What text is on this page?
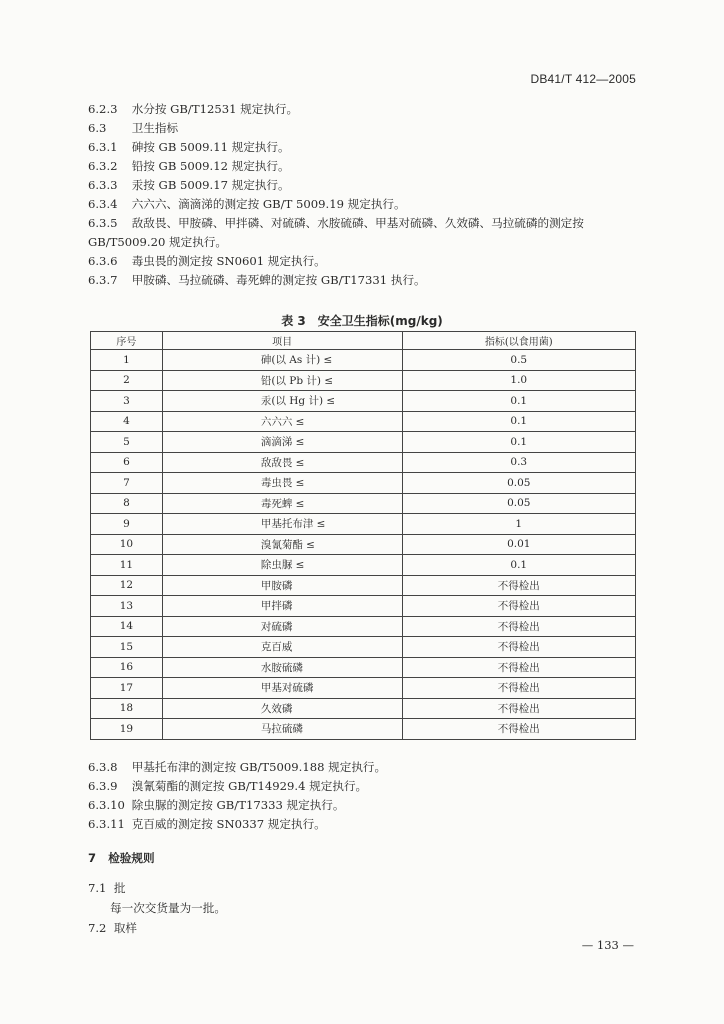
DB41/T 412—2005
6.2.3 水分按 GB/T12531 规定执行。
6.3 卫生指标
6.3.1 砷按 GB 5009.11 规定执行。
6.3.2 铅按 GB 5009.12 规定执行。
6.3.3 汞按 GB 5009.17 规定执行。
6.3.4 六六六、滴滴涕的测定按 GB/T 5009.19 规定执行。
6.3.5 敌敌畏、甲胺磷、甲拌磷、对硫磷、水胺硫磷、甲基对硫磷、久效磷、马拉硫磷的测定按 GB/T5009.20 规定执行。
6.3.6 毒虫畏的测定按 SN0601 规定执行。
6.3.7 甲胺磷、马拉硫磷、毒死蜱的测定按 GB/T17331 执行。
表 3　安全卫生指标(mg/kg)
序号	项目	指标(以食用菌)
1	砷(以 As 计) ≤	0.5
2	铅(以 Pb 计) ≤	1.0
3	汞(以 Hg 计) ≤	0.1
4	六六六 ≤	0.1
5	滴滴涕 ≤	0.1
6	敌敌畏 ≤	0.3
7	毒虫畏 ≤	0.05
8	毒死蜱 ≤	0.05
9	甲基托布津 ≤	1
10	溴氰菊酯 ≤	0.01
11	除虫脲 ≤	0.1
12	甲胺磷	不得检出
13	甲拌磷	不得检出
14	对硫磷	不得检出
15	克百威	不得检出
16	水胺硫磷	不得检出
17	甲基对硫磷	不得检出
18	久效磷	不得检出
19	马拉硫磷	不得检出
6.3.8 甲基托布津的测定按 GB/T5009.188 规定执行。
6.3.9 溴氰菊酯的测定按 GB/T14929.4 规定执行。
6.3.10 除虫脲的测定按 GB/T17333 规定执行。
6.3.11 克百威的测定按 SN0337 规定执行。
7 检验规则
7.1 批
每一次交货量为一批。
7.2 取样
— 133 —
